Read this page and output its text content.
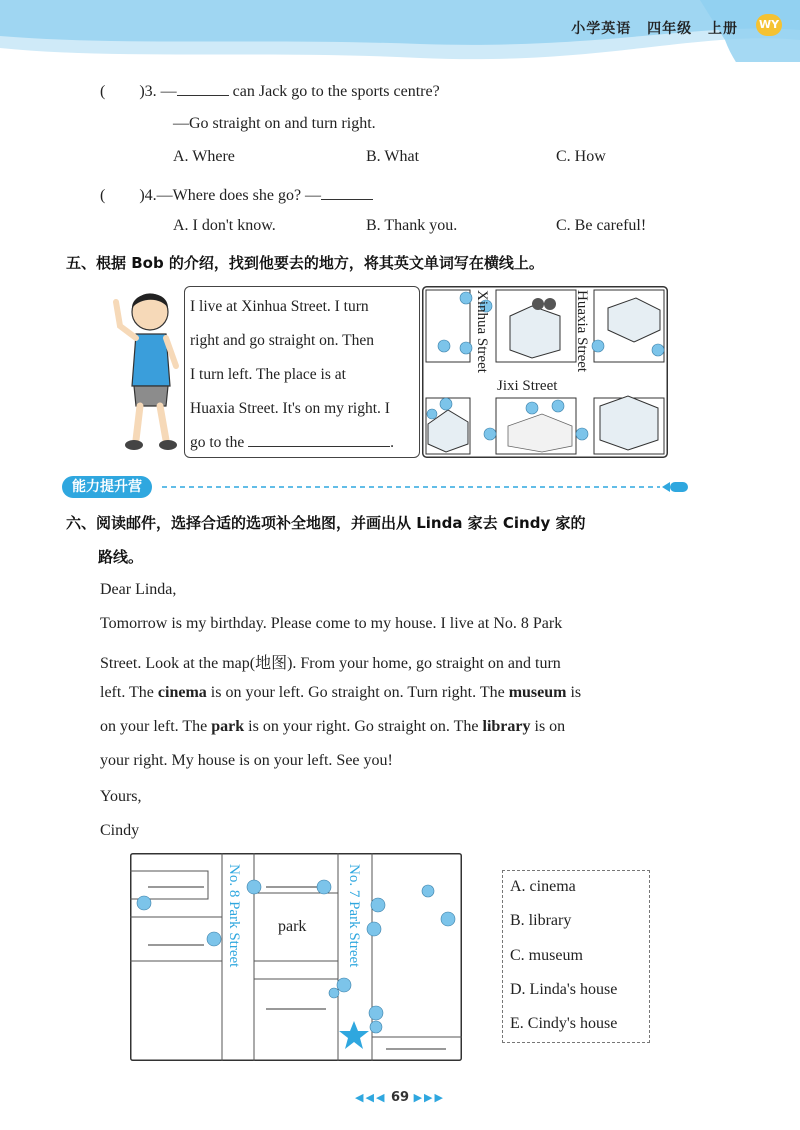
小学英语 四年级 上册 WY
( )3. —	can Jack go to the sports centre?
—Go straight on and turn right.
A. Where	B. What	C. How
( )4.—Where does she go? —
A. I don't know.	B. Thank you.	C. Be careful!
五、根据 Bob 的介绍，找到他要去的地方，将其英文单词写在横线上。
I live at Xinhua Street. I turn
right and go straight on. Then
I turn left. The place is at
Huaxia Street. It's on my right. I
go to the	.
Xinhua Street	Huaxia Street
Jixi Street
能力提升营
六、阅读邮件，选择合适的选项补全地图，并画出从 Linda 家去 Cindy 家的
路线。
Dear Linda,
Tomorrow is my birthday. Please come to my house. I live at No. 8 Park
Street. Look at the map(地图). From your home, go straight on and turn
left. The cinema is on your left. Go straight on. Turn right. The museum is
on your left. The park is on your right. Go straight on. The library is on
your right. My house is on your left. See you!
Yours,
Cindy
No. 8 Park Street	No. 7 Park Street
park
A. cinema
B. library
C. museum
D. Linda's house
E. Cindy's house
◀◀◀ 69 ▶▶▶
